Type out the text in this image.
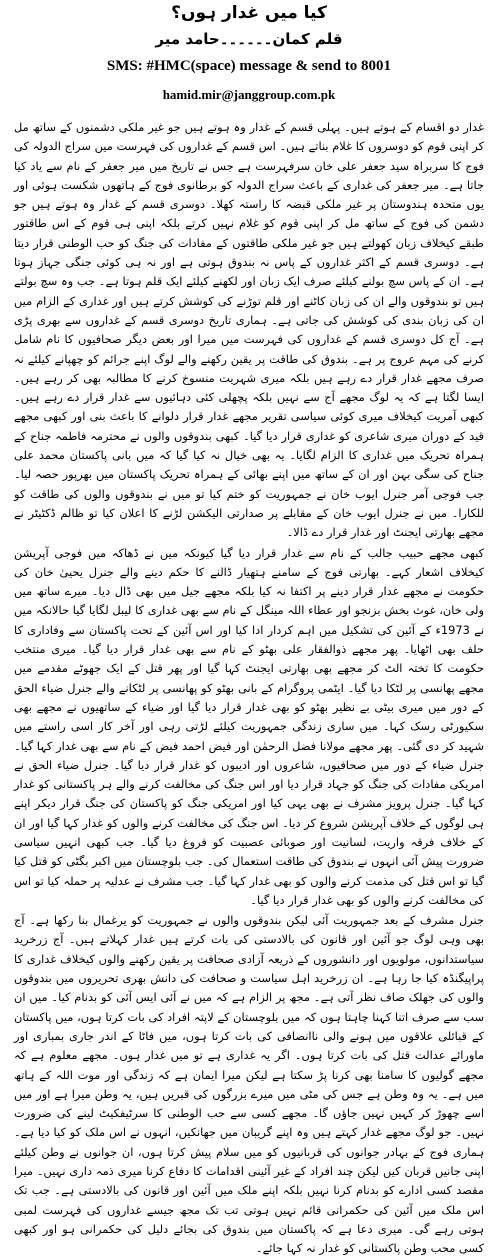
کیا میں غدار ہوں؟
قلم کمان۔۔۔۔۔۔حامد میر
SMS: #HMC(space) message & send to 8001
hamid.mir@janggroup.com.pk

غدار دو اقسام کے ہوتے ہیں۔ پہلی قسم کے غدار وہ ہوتے ہیں جو غیر ملکی دشمنوں کے ساتھ مل کر اپنی قوم کو دوسروں کا غلام بناتے ہیں۔ اس قسم کے غداروں کی فہرست میں سراج الدولہ کی فوج کا سربراہ سید جعفر علی خان سرفہرست ہے جس نے تاریخ میں میر جعفر کے نام سے یاد کیا جاتا ہے۔ میر جعفر کی غداری کے باعث سراج الدولہ کو برطانوی فوج کے ہاتھوں شکست ہوئی اور یوں متحدہ ہندوستان پر غیر ملکی قبضہ کا راستہ کھلا۔ دوسری قسم کے غدار وہ ہوتے ہیں جو دشمن کی فوج کے ساتھ مل کر اپنی قوم کو غلام نہیں کرتے بلکہ اپنی ہی قوم کے اس طاقتور طبقے کیخلاف زبان کھولتے ہیں جو غیر ملکی طاقتوں کے مفادات کی جنگ کو حب الوطنی قرار دیتا ہے۔ دوسری قسم کے اکثر غداروں کے پاس نہ بندوق ہوتی ہے اور نہ ہی کوئی جنگی جہاز ہوتا ہے۔ ان کے پاس سچ بولنے کیلئے صرف ایک زبان اور لکھنے کیلئے ایک قلم ہوتا ہے۔ جب وہ سچ بولتے ہیں تو بندوقوں والے ان کی زبان کاٹنے اور قلم توڑنے کی کوشش کرتے ہیں اور غداری کے الزام میں ان کی زبان بندی کی کوشش کی جاتی ہے۔ ہماری تاریخ دوسری قسم کے غداروں سے بھری پڑی ہے۔ آج کل دوسری قسم کے غداروں کی فہرست میں میرا اور بعض دیگر صحافیوں کا نام شامل کرنے کی مہم عروج پر ہے۔ بندوق کی طاقت پر یقین رکھنے والے لوگ اپنے جرائم کو چھپانے کیلئے نہ صرف مجھے غدار قرار دے رہے ہیں بلکہ میری شہریت منسوخ کرنے کا مطالبہ بھی کر رہے ہیں۔ ایسا لگتا ہے کہ یہ لوگ مجھے آج سے نہیں بلکہ پچھلی کئی دہائیوں سے غدار قرار دے رہے ہیں۔ کبھی آمریت کیخلاف میری کوئی سیاسی تقریر مجھے غدار قرار دلوانے کا باعث بنی اور کبھی مجھے قید کے دوران میری شاعری کو غداری قرار دیا گیا۔ کبھی بندوقوں والوں نے محترمہ فاطمہ جناح کے ہمراہ تحریک میں غداری کا الزام لگایا۔ یہ بھی خیال نہ کیا گیا کہ میں بانی پاکستان محمد علی جناح کی سگی بہن اور ان کے ساتھ میں اپنے بھائی کے ہمراہ تحریک پاکستان میں بھرپور حصہ لیا۔ جب فوجی آمر جنرل ایوب خان نے جمہوریت کو ختم کیا تو میں نے بندوقوں والوں کی طاقت کو للکارا۔ میں نے جنرل ایوب خان کے مقابلے پر صدارتی الیکشن لڑنے کا اعلان کیا تو ظالم ڈکٹیٹر نے مجھے بھارتی ایجنٹ اور غدار قرار دے ڈالا۔

کبھی مجھے حبیب جالب کے نام سے غدار قرار دیا گیا کیونکہ میں نے ڈھاکہ میں فوجی آپریشن کیخلاف اشعار کہے۔ بھارتی فوج کے سامنے ہتھیار ڈالنے کا حکم دینے والے جنرل یحییٰ خان کی حکومت نے مجھے غدار قرار دینے پر اکتفا نہ کیا بلکہ مجھے جیل میں بھی ڈال دیا۔ میرے ساتھ میں ولی خان، غوث بخش بزنجو اور عطاء اللہ مینگل کے نام سے بھی غداری کا لیبل لگایا گیا حالانکہ میں نے 1973ء کے آئین کی تشکیل میں اہم کردار ادا کیا اور اس آئین کے تحت پاکستان سے وفاداری کا حلف بھی اٹھایا۔ پھر مجھے ذوالفقار علی بھٹو کے نام سے بھی غدار قرار دیا گیا۔ میری منتخب حکومت کا تختہ الٹ کر مجھے بھی بھارتی ایجنٹ کہا گیا اور پھر قتل کے ایک جھوٹے مقدمے میں مجھے پھانسی پر لٹکا دیا گیا۔ ایٹمی پروگرام کے بانی بھٹو کو پھانسی پر لٹکانے والے جنرل ضیاء الحق کے دور میں میری بیٹی بے نظیر بھٹو کو بھی غدار قرار دیا گیا اور ضیاء کے ساتھیوں نے مجھے بھی سکیورٹی رسک کہا۔ میں ساری زندگی جمہوریت کیلئے لڑتی رہی اور آخر کار اسی راستے میں شہید کر دی گئی۔ پھر مجھے مولانا فضل الرحمٰن اور فیض احمد فیض کے نام سے بھی غدار کہا گیا۔ جنرل ضیاء کے دور میں صحافیوں، شاعروں اور ادیبوں کو غدار قرار دیا گیا۔ جنرل ضیاء الحق نے امریکی مفادات کی جنگ کو جہاد قرار دیا اور اس جنگ کی مخالفت کرنے والے ہر پاکستانی کو غدار کہا گیا۔ جنرل پرویز مشرف نے بھی یہی کیا اور امریکی جنگ کو پاکستان کی جنگ قرار دیکر اپنے ہی لوگوں کے خلاف آپریشن شروع کر دیا۔ اس جنگ کی مخالفت کرنے والوں کو غدار کہا گیا اور ان کے خلاف فرقہ واریت، لسانیت اور صوبائی عصبیت کو فروغ دیا گیا۔ جب کبھی انہیں سیاسی ضرورت پیش آئی انہوں نے بندوق کی طاقت استعمال کی۔ جب بلوچستان میں اکبر بگٹی کو قتل کیا گیا تو اس قتل کی مذمت کرنے والوں کو بھی غدار کہا گیا۔ جب مشرف نے عدلیہ پر حملہ کیا تو اس کی مخالفت کرنے والوں کو بھی غدار قرار دیا گیا۔

جنرل مشرف کے بعد جمہوریت آئی لیکن بندوقوں والوں نے جمہوریت کو یرغمال بنا رکھا ہے۔ آج بھی وہی لوگ جو آئین اور قانون کی بالادستی کی بات کرتے ہیں غدار کہلاتے ہیں۔ آج زرخرید سیاستدانوں، مولویوں اور دانشوروں کے ذریعہ آزادی صحافت پر یقین رکھنے والوں کیخلاف غداری کا پراپیگنڈہ کیا جا رہا ہے۔ ان زرخرید اہل سیاست و صحافت کی دانش بھری تحریروں میں بندوقوں والوں کی جھلک صاف نظر آتی ہے۔ مجھ پر الزام ہے کہ میں نے آئی ایس آئی کو بدنام کیا۔ میں ان سب سے صرف اتنا کہنا چاہتا ہوں کہ میں بلوچستان کے لاپتہ افراد کی بات کرتا ہوں، میں پاکستان کے قبائلی علاقوں میں ہونے والی ناانصافی کی بات کرتا ہوں، میں فاٹا کے اندر جاری بمباری اور ماورائے عدالت قتل کی بات کرتا ہوں۔ اگر یہ غداری ہے تو میں غدار ہوں۔ مجھے معلوم ہے کہ مجھے گولیوں کا سامنا بھی کرنا پڑ سکتا ہے لیکن میرا ایمان ہے کہ زندگی اور موت اللہ کے ہاتھ میں ہے۔ یہ وہ وطن ہے جس کی مٹی میں میرے بزرگوں کی قبریں ہیں، یہ وطن میرا ہے اور میں اسے چھوڑ کر کہیں نہیں جاؤں گا۔ مجھے کسی سے حب الوطنی کا سرٹیفکیٹ لینے کی ضرورت نہیں۔ جو لوگ مجھے غدار کہتے ہیں وہ اپنے گریبان میں جھانکیں، انہوں نے اس ملک کو کیا دیا ہے۔ ہماری فوج کے بہادر جوانوں کی قربانیوں کو میں سلام پیش کرتا ہوں، ان جوانوں نے وطن کیلئے اپنی جانیں قربان کیں لیکن چند افراد کے غیر آئینی اقدامات کا دفاع کرنا میری ذمہ داری نہیں۔ میرا مقصد کسی ادارے کو بدنام کرنا نہیں بلکہ اپنے ملک میں آئین اور قانون کی بالادستی ہے۔ جب تک اس ملک میں آئین کی حکمرانی قائم نہیں ہوتی تب تک مجھ جیسے غداروں کی فہرست لمبی ہوتی رہے گی۔ میری دعا ہے کہ پاکستان میں بندوق کی بجائے دلیل کی حکمرانی ہو اور کبھی کسی محب وطن پاکستانی کو غدار نہ کہا جائے۔
